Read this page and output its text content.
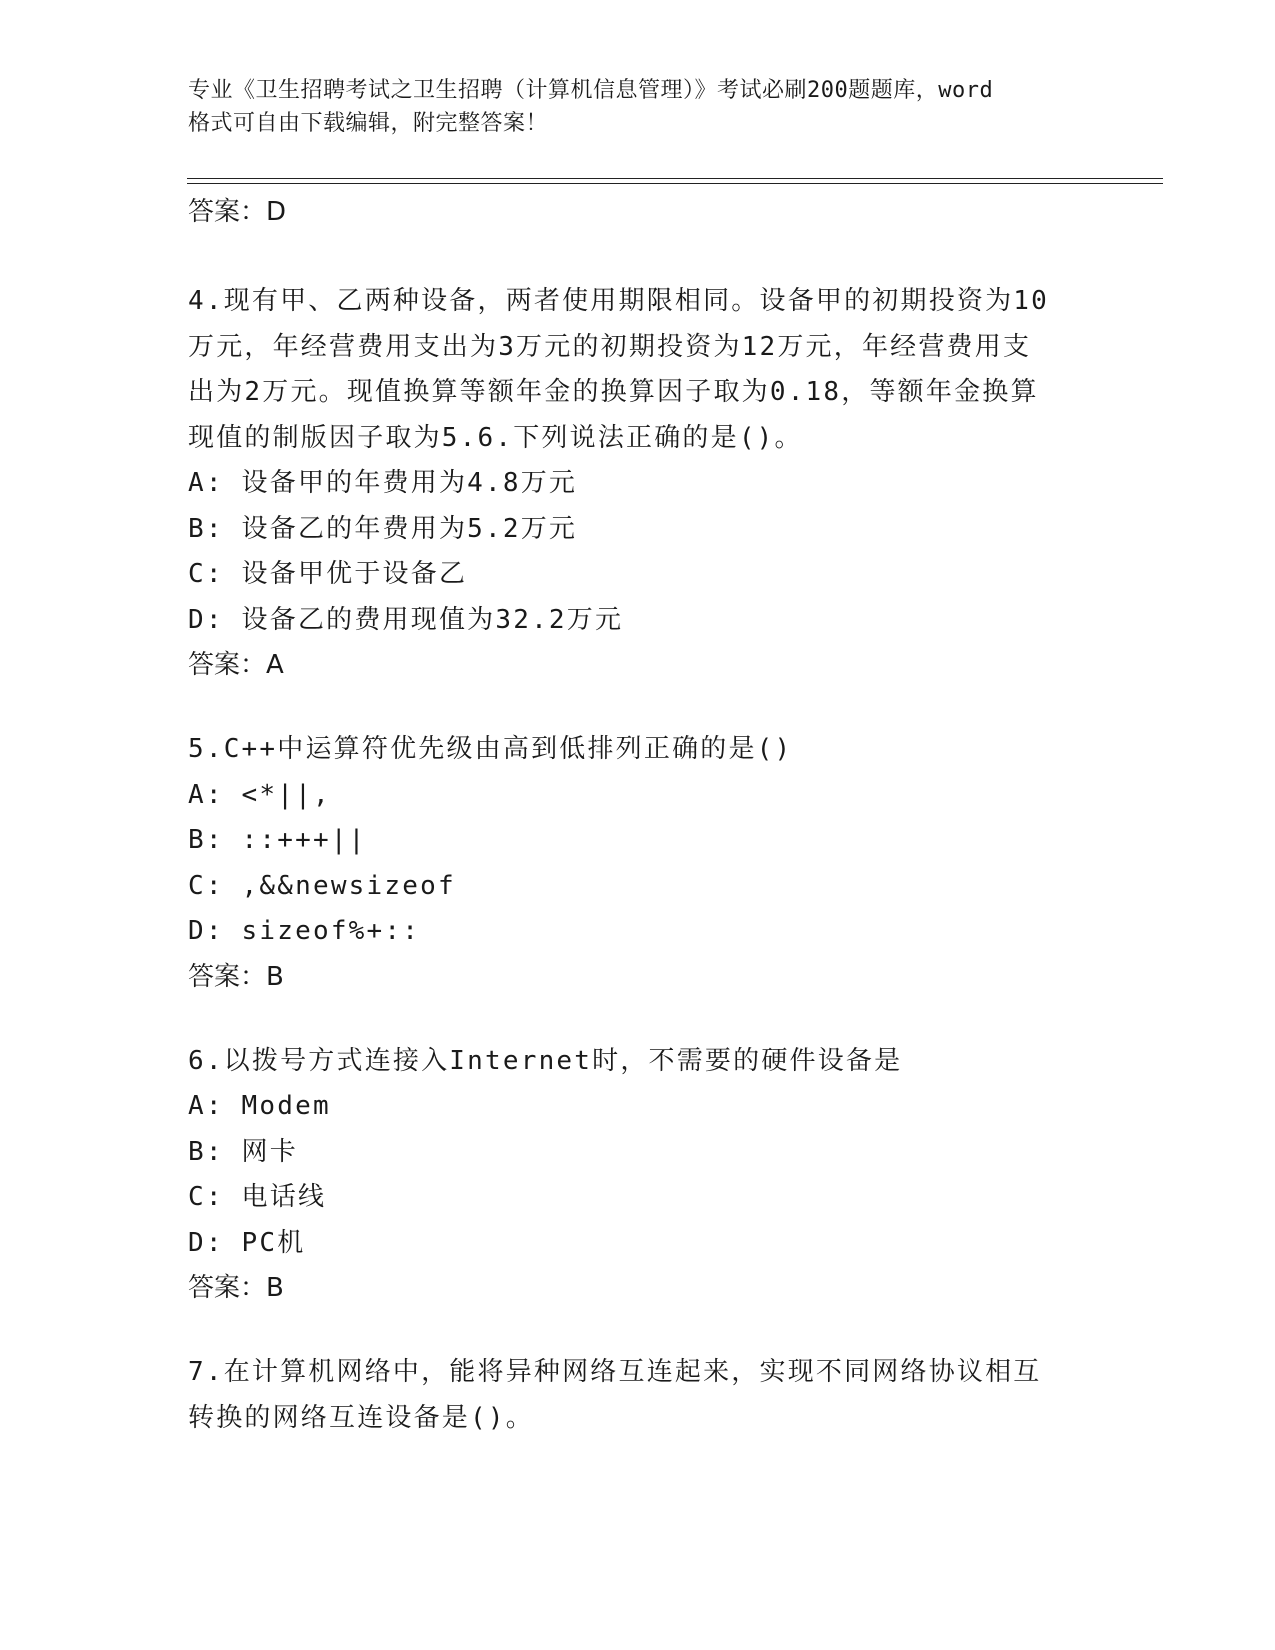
专业《卫生招聘考试之卫生招聘（计算机信息管理）》考试必刷200题题库，word
格式可自由下载编辑，附完整答案！

答案：D

4.现有甲、乙两种设备，两者使用期限相同。设备甲的初期投资为10

万元，年经营费用支出为3万元的初期投资为12万元，年经营费用支

出为2万元。现值换算等额年金的换算因子取为0.18，等额年金换算

现值的制版因子取为5.6.下列说法正确的是()。

A: 设备甲的年费用为4.8万元

B: 设备乙的年费用为5.2万元

C: 设备甲优于设备乙

D: 设备乙的费用现值为32.2万元

答案：A

5.C++中运算符优先级由高到低排列正确的是()

A: <*||,

B: ::+++||

C: ,&&newsizeof

D: sizeof%+::

答案：B

6.以拨号方式连接入Internet时，不需要的硬件设备是

A: Modem

B: 网卡

C: 电话线

D: PC机

答案：B

7.在计算机网络中，能将异种网络互连起来，实现不同网络协议相互

转换的网络互连设备是()。
